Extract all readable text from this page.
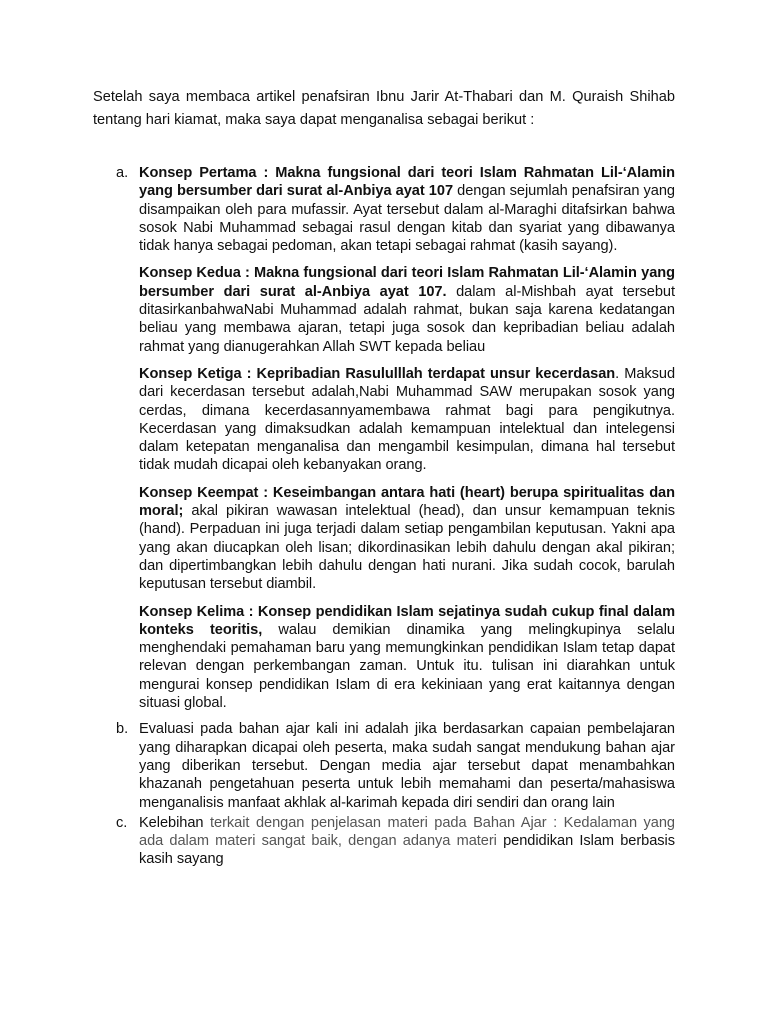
Setelah saya membaca artikel penafsiran Ibnu Jarir At-Thabari dan M. Quraish Shihab tentang hari kiamat, maka saya dapat menganalisa sebagai berikut :

a. Konsep Pertama : Makna fungsional dari teori Islam Rahmatan Lil-‘Alamin yang bersumber dari surat al-Anbiya ayat 107 dengan sejumlah penafsiran yang disampaikan oleh para mufassir. Ayat tersebut dalam al-Maraghi ditafsirkan bahwa sosok Nabi Muhammad sebagai rasul dengan kitab dan syariat yang dibawanya tidak hanya sebagai pedoman, akan tetapi sebagai rahmat (kasih sayang).

Konsep Kedua : Makna fungsional dari teori Islam Rahmatan Lil-‘Alamin yang bersumber dari surat al-Anbiya ayat 107. dalam al-Mishbah ayat tersebut ditasirkanbahwaNabi Muhammad adalah rahmat, bukan saja karena kedatangan beliau yang membawa ajaran, tetapi juga sosok dan kepribadian beliau adalah rahmat yang dianugerahkan Allah SWT kepada beliau

Konsep Ketiga : Kepribadian Rasululllah terdapat unsur kecerdasan. Maksud dari kecerdasan tersebut adalah,Nabi Muhammad SAW merupakan sosok yang cerdas, dimana kecerdasannyamembawa rahmat bagi para pengikutnya. Kecerdasan yang dimaksudkan adalah kemampuan intelektual dan intelegensi dalam ketepatan menganalisa dan mengambil kesimpulan, dimana hal tersebut tidak mudah dicapai oleh kebanyakan orang.

Konsep Keempat : Keseimbangan antara hati (heart) berupa spiritualitas dan moral; akal pikiran wawasan intelektual (head), dan unsur kemampuan teknis (hand). Perpaduan ini juga terjadi dalam setiap pengambilan keputusan. Yakni apa yang akan diucapkan oleh lisan; dikordinasikan lebih dahulu dengan akal pikiran; dan dipertimbangkan lebih dahulu dengan hati nurani. Jika sudah cocok, barulah keputusan tersebut diambil.

Konsep Kelima : Konsep pendidikan Islam sejatinya sudah cukup final dalam konteks teoritis, walau demikian dinamika yang melingkupinya selalu menghendaki pemahaman baru yang memungkinkan pendidikan Islam tetap dapat relevan dengan perkembangan zaman. Untuk itu. tulisan ini diarahkan untuk mengurai konsep pendidikan Islam di era kekiniaan yang erat kaitannya dengan situasi global.

b. Evaluasi pada bahan ajar kali ini adalah jika berdasarkan capaian pembelajaran yang diharapkan dicapai oleh peserta, maka sudah sangat mendukung bahan ajar yang diberikan tersebut. Dengan media ajar tersebut dapat menambahkan khazanah pengetahuan peserta untuk lebih memahami dan peserta/mahasiswa menganalisis manfaat akhlak al-karimah kepada diri sendiri dan orang lain

c. Kelebihan terkait dengan penjelasan materi pada Bahan Ajar : Kedalaman yang ada dalam materi sangat baik, dengan adanya materi pendidikan Islam berbasis kasih sayang
